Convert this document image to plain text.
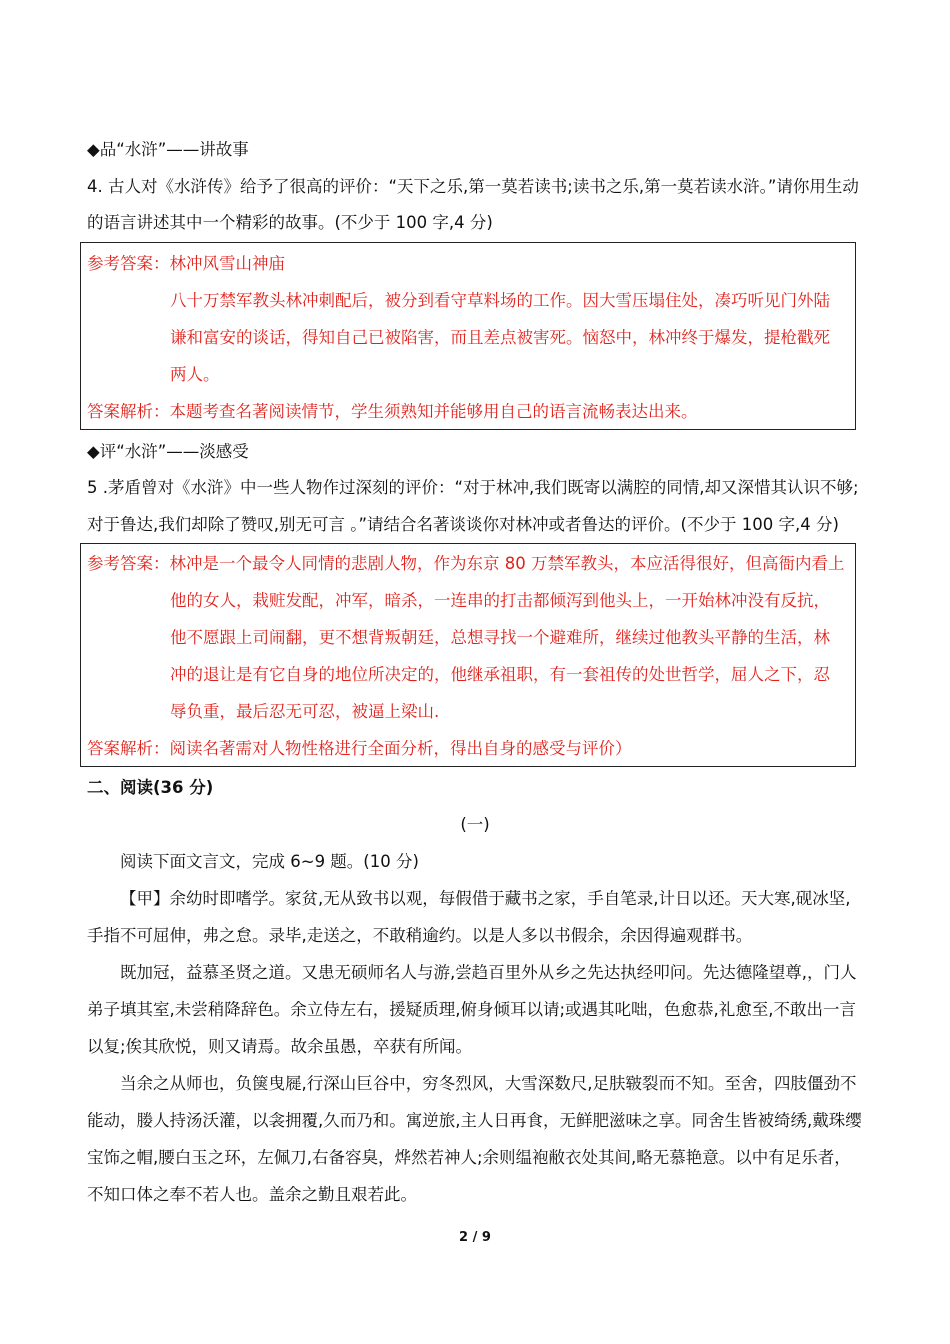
◆品“水浒”——讲故事
4. 古人对《水浒传》给予了很高的评价：“天下之乐,第一莫若读书;读书之乐,第一莫若读水浒。”请你用生动
的语言讲述其中一个精彩的故事。(不少于 100 字,4 分)
参考答案：林冲风雪山神庙
八十万禁军教头林冲刺配后，被分到看守草料场的工作。因大雪压塌住处，凑巧听见门外陆
谦和富安的谈话，得知自己已被陷害，而且差点被害死。恼怒中，林冲终于爆发，提枪戳死
两人。
答案解析：本题考查名著阅读情节，学生须熟知并能够用自己的语言流畅表达出来。
◆评“水浒”——淡感受
5 .茅盾曾对《水浒》中一些人物作过深刻的评价：“对于林冲,我们既寄以满腔的同情,却又深惜其认识不够;
对于鲁达,我们却除了赞叹,别无可言 。”请结合名著谈谈你对林冲或者鲁达的评价。(不少于 100 字,4 分)
参考答案：林冲是一个最令人同情的悲剧人物，作为东京 80 万禁军教头，本应活得很好，但高衙内看上
他的女人，栽赃发配，冲军，暗杀，一连串的打击都倾泻到他头上，一开始林冲没有反抗，
他不愿跟上司闹翻，更不想背叛朝廷，总想寻找一个避难所，继续过他教头平静的生活，林
冲的退让是有它自身的地位所决定的，他继承祖职，有一套祖传的处世哲学，屈人之下，忍
辱负重，最后忍无可忍，被逼上梁山.
答案解析：阅读名著需对人物性格进行全面分析，得出自身的感受与评价）
二、阅读(36 分)
(一)
阅读下面文言文，完成 6~9 题。(10 分)
【甲】余幼时即嗜学。家贫,无从致书以观，每假借于藏书之家，手自笔录,计日以还。天大寒,砚冰坚,
手指不可屈伸，弗之怠。录毕,走送之，不敢稍逾约。以是人多以书假余，余因得遍观群书。
既加冠，益慕圣贤之道。又患无硕师名人与游,尝趋百里外从乡之先达执经叩问。先达德隆望尊,，门人
弟子填其室,未尝稍降辞色。余立侍左右，援疑质理,俯身倾耳以请;或遇其叱咄，色愈恭,礼愈至,不敢出一言
以复;俟其欣悦，则又请焉。故余虽愚，卒获有所闻。
当余之从师也，负箧曳屣,行深山巨谷中，穷冬烈风，大雪深数尺,足肤皲裂而不知。至舍，四肢僵劲不
能动，媵人持汤沃灌，以衾拥覆,久而乃和。寓逆旅,主人日再食，无鲜肥滋味之享。同舍生皆被绮绣,戴珠缨
宝饰之帽,腰白玉之环，左佩刀,右备容臭，烨然若神人;余则缊袍敝衣处其间,略无慕艳意。以中有足乐者，
不知口体之奉不若人也。盖余之勤且艰若此。
2 / 9
